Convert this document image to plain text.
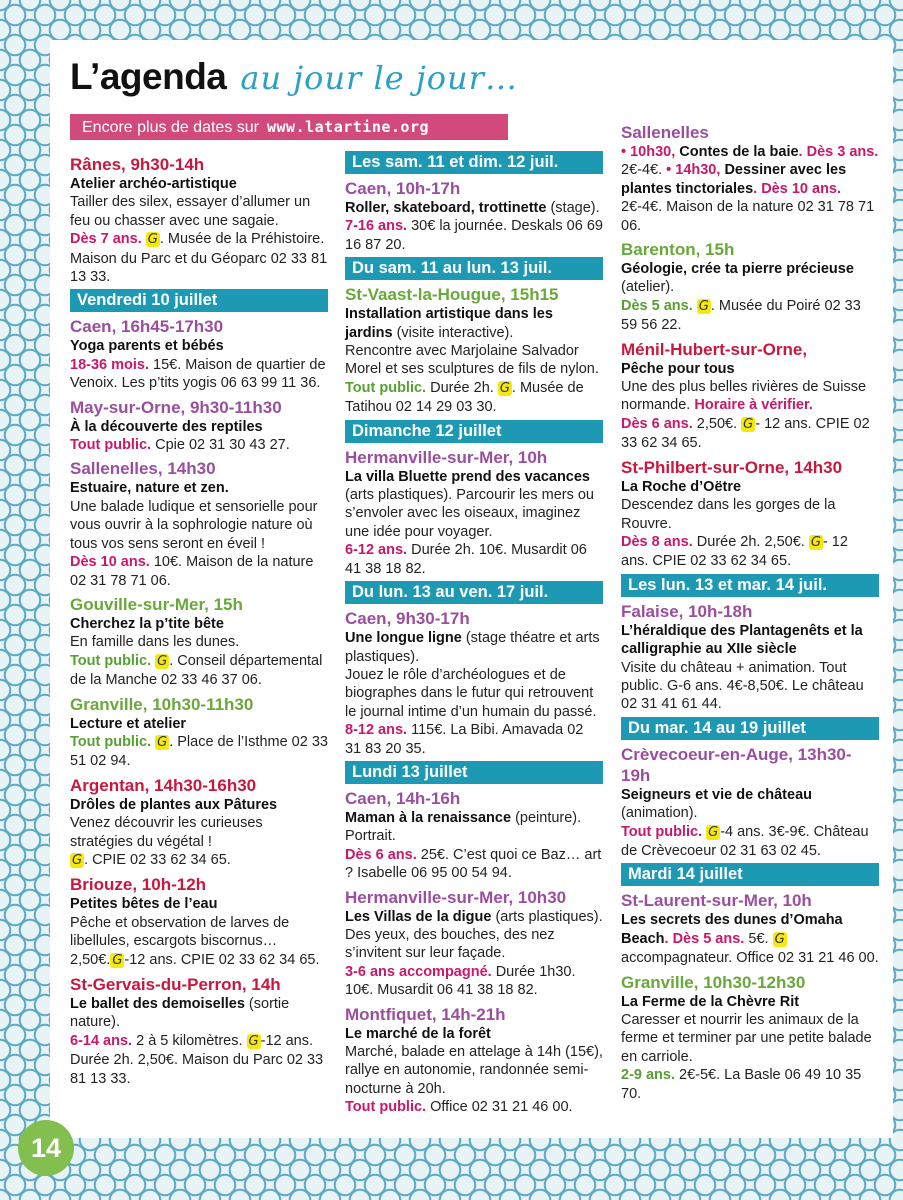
L’agenda au jour le jour…
Encore plus de dates sur www.latartine.org
Rânes, 9h30-14h
Atelier archéo-artistique
Tailler des silex, essayer d’allumer un feu ou chasser avec une sagaie.
Dès 7 ans. G . Musée de la Préhistoire. Maison du Parc et du Géoparc 02 33 81 13 33.
Vendredi 10 juillet
Caen, 16h45-17h30
Yoga parents et bébés
18-36 mois. 15€. Maison de quartier de Venoix. Les p’tits yogis 06 63 99 11 36.
May-sur-Orne, 9h30-11h30
À la découverte des reptiles
Tout public. Cpie 02 31 30 43 27.
Sallenelles, 14h30
Estuaire, nature et zen.
Une balade ludique et sensorielle pour vous ouvrir à la sophrologie nature où tous vos sens seront en éveil !
Dès 10 ans. 10€. Maison de la nature 02 31 78 71 06.
Gouville-sur-Mer, 15h
Cherchez la p’tite bête
En famille dans les dunes.
Tout public. G . Conseil départemental de la Manche 02 33 46 37 06.
Granville, 10h30-11h30
Lecture et atelier
Tout public. G . Place de l’Isthme 02 33 51 02 94.
Argentan, 14h30-16h30
Drôles de plantes aux Pâtures
Venez découvrir les curieuses stratégies du végétal !
G . CPIE 02 33 62 34 65.
Briouze, 10h-12h
Petites bêtes de l’eau
Pêche et observation de larves de libellules, escargots biscornus… 2,50€. G -12 ans. CPIE 02 33 62 34 65.
St-Gervais-du-Perron, 14h
Le ballet des demoiselles (sortie nature).
6-14 ans. 2 à 5 kilomètres. G -12 ans. Durée 2h. 2,50€. Maison du Parc 02 33 81 13 33.
Les sam. 11 et dim. 12 juil.
Caen, 10h-17h
Roller, skateboard, trottinette (stage).
7-16 ans. 30€ la journée. Deskals 06 69 16 87 20.
Du sam. 11 au lun. 13 juil.
St-Vaast-la-Hougue, 15h15
Installation artistique dans les jardins (visite interactive).
Rencontre avec Marjolaine Salvador Morel et ses sculptures de fils de nylon.
Tout public. Durée 2h. G . Musée de Tatihou 02 14 29 03 30.
Dimanche 12 juillet
Hermanville-sur-Mer, 10h
La villa Bluette prend des vacances (arts plastiques). Parcourir les mers ou s’envoler avec les oiseaux, imaginez une idée pour voyager.
6-12 ans. Durée 2h. 10€. Musardit 06 41 38 18 82.
Du lun. 13 au ven. 17 juil.
Caen, 9h30-17h
Une longue ligne (stage théatre et arts plastiques).
Jouez le rôle d’archéologues et de biographes dans le futur qui retrouvent le journal intime d’un humain du passé.
8-12 ans. 115€. La Bibi. Amavada 02 31 83 20 35.
Lundi 13 juillet
Caen, 14h-16h
Maman à la renaissance (peinture).
Portrait.
Dès 6 ans. 25€. C’est quoi ce Baz… art ? Isabelle 06 95 00 54 94.
Hermanville-sur-Mer, 10h30
Les Villas de la digue (arts plastiques).
Des yeux, des bouches, des nez s’invitent sur leur façade.
3-6 ans accompagné. Durée 1h30. 10€. Musardit 06 41 38 18 82.
Montfiquet, 14h-21h
Le marché de la forêt
Marché, balade en attelage à 14h (15€), rallye en autonomie, randonnée semi-nocturne à 20h.
Tout public. Office 02 31 21 46 00.
Sallenelles
• 10h30, Contes de la baie. Dès 3 ans. 2€-4€. • 14h30, Dessiner avec les plantes tinctoriales. Dès 10 ans. 2€-4€. Maison de la nature 02 31 78 71 06.
Barenton, 15h
Géologie, crée ta pierre précieuse
(atelier).
Dès 5 ans. G . Musée du Poiré 02 33 59 56 22.
Ménil-Hubert-sur-Orne,
Pêche pour tous
Une des plus belles rivières de Suisse normande. Horaire à vérifier.
Dès 6 ans. 2,50€. G - 12 ans. CPIE 02 33 62 34 65.
St-Philbert-sur-Orne, 14h30
La Roche d’Oëtre
Descendez dans les gorges de la Rouvre.
Dès 8 ans. Durée 2h. 2,50€. G - 12 ans. CPIE 02 33 62 34 65.
Les lun. 13 et mar. 14 juil.
Falaise, 10h-18h
L’héraldique des Plantagenêts et la calligraphie au XIIe siècle
Visite du château + animation. Tout public. G-6 ans. 4€-8,50€. Le château 02 31 41 61 44.
Du mar. 14 au 19 juillet
Crèvecoeur-en-Auge, 13h30-19h
Seigneurs et vie de château
(animation).
Tout public. G -4 ans. 3€-9€. Château de Crèvecoeur 02 31 63 02 45.
Mardi 14 juillet
St-Laurent-sur-Mer, 10h
Les secrets des dunes d’Omaha Beach. Dès 5 ans. 5€. G accompagnateur. Office 02 31 21 46 00.
Granville, 10h30-12h30
La Ferme de la Chèvre Rit
Caresser et nourrir les animaux de la ferme et terminer par une petite balade en carriole.
2-9 ans. 2€-5€. La Basle 06 49 10 35 70.
14
